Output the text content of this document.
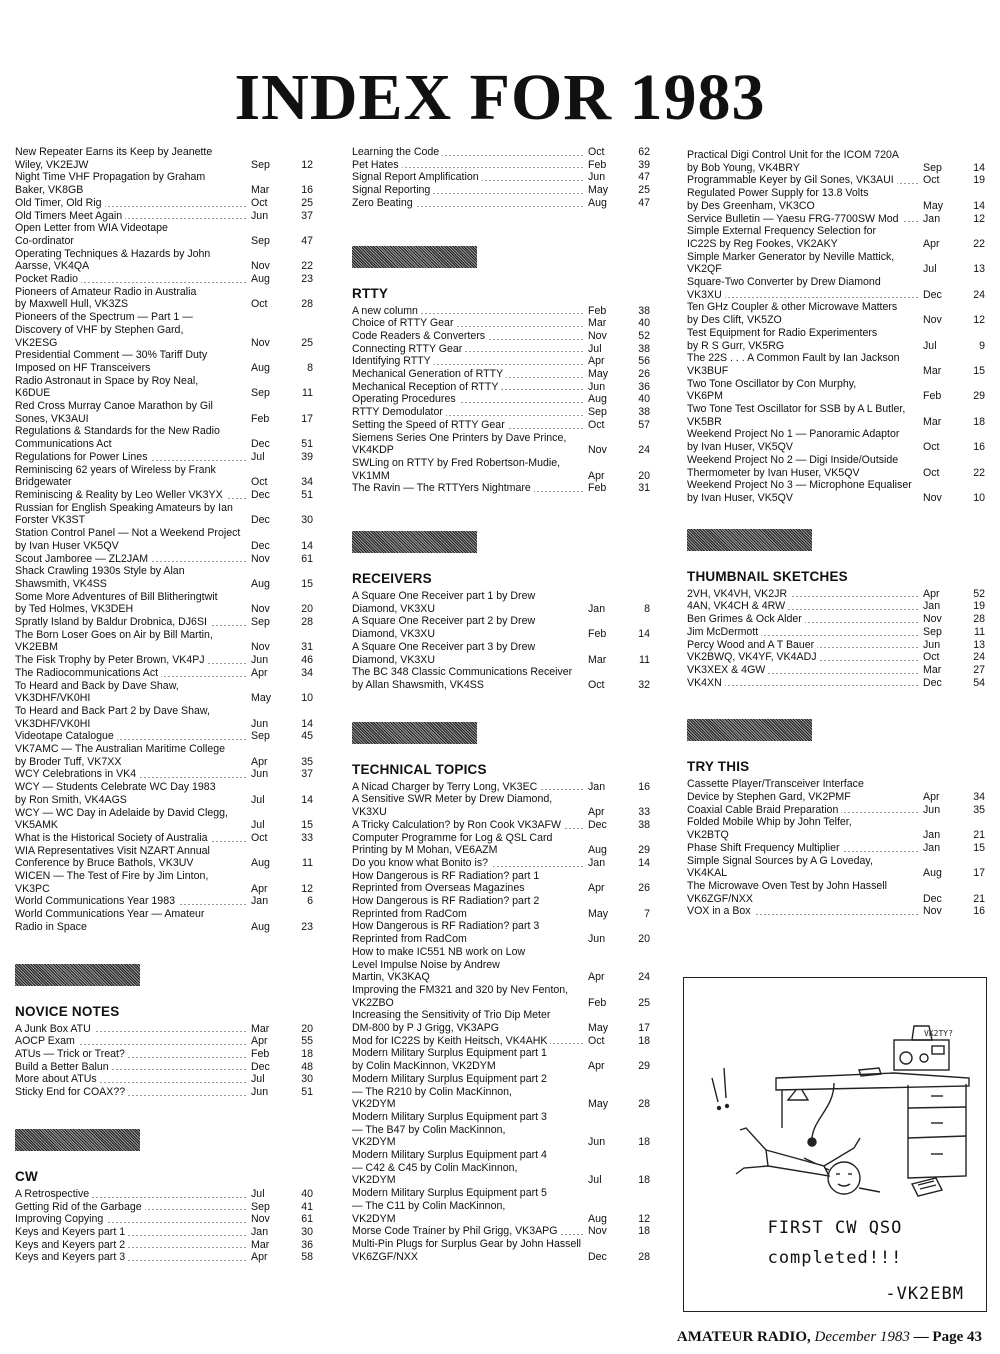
INDEX FOR 1983
New Repeater Earns its Keep by Jeanette
Wiley, VK2EJW	Sep	12
Night Time VHF Propagation by Graham
Baker, VK8GB	Mar	16
Old Timer, Old Rig	Oct	25
Old Timers Meet Again	Jun	37
Open Letter from WIA Videotape
Co-ordinator	Sep	47
Operating Techniques & Hazards by John
Aarsse, VK4QA	Nov	22
Pocket Radio	Aug	23
Pioneers of Amateur Radio in Australia
by Maxwell Hull, VK3ZS	Oct	28
Pioneers of the Spectrum — Part 1 —
Discovery of VHF by Stephen Gard,
VK2ESG	Nov	25
Presidential Comment — 30% Tariff Duty
Imposed on HF Transceivers	Aug	8
Radio Astronaut in Space by Roy Neal,
K6DUE	Sep	11
Red Cross Murray Canoe Marathon by Gil
Sones, VK3AUI	Feb	17
Regulations & Standards for the New Radio
Communications Act	Dec	51
Regulations for Power Lines	Jul	39
Reminiscing 62 years of Wireless by Frank
Bridgewater	Oct	34
Reminiscing & Reality by Leo Weller VK3YX	Dec	51
Russian for English Speaking Amateurs by Ian
Forster VK3ST	Dec	30
Station Control Panel — Not a Weekend Project
by Ivan Huser VK5QV	Dec	14
Scout Jamboree — ZL2JAM	Nov	61
Shack Crawling 1930s Style by Alan
Shawsmith, VK4SS	Aug	15
Some More Adventures of Bill Blitheringtwit
by Ted Holmes, VK3DEH	Nov	20
Spratly Island by Baldur Drobnica, DJ6SI	Sep	28
The Born Loser Goes on Air by Bill Martin,
VK2EBM	Nov	31
The Fisk Trophy by Peter Brown, VK4PJ	Jun	46
The Radiocommunications Act	Apr	34
To Heard and Back by Dave Shaw,
VK3DHF/VK0HI	May	10
To Heard and Back Part 2 by Dave Shaw,
VK3DHF/VK0HI	Jun	14
Videotape Catalogue	Sep	45
VK7AMC — The Australian Maritime College
by Broder Tuff, VK7XX	Apr	35
WCY Celebrations in VK4	Jun	37
WCY — Students Celebrate WC Day 1983
by Ron Smith, VK4AGS	Jul	14
WCY — WC Day in Adelaide by David Clegg,
VK5AMK	Jul	15
What is the Historical Society of Australia	Oct	33
WIA Representatives Visit NZART Annual
Conference by Bruce Bathols, VK3UV	Aug	11
WICEN — The Test of Fire by Jim Linton,
VK3PC	Apr	12
World Communications Year 1983	Jan	6
World Communications Year — Amateur
Radio in Space	Aug	23
NOVICE NOTES
A Junk Box ATU	Mar	20
AOCP Exam	Apr	55
ATUs — Trick or Treat?	Feb	18
Build a Better Balun	Dec	48
More about ATUs	Jul	30
Sticky End for COAX??	Jun	51
CW
A Retrospective	Jul	40
Getting Rid of the Garbage	Sep	41
Improving Copying	Nov	61
Keys and Keyers part 1	Jan	30
Keys and Keyers part 2	Mar	36
Keys and Keyers part 3	Apr	58
Learning the Code	Oct	62
Pet Hates	Feb	39
Signal Report Amplification	Jun	47
Signal Reporting	May	25
Zero Beating	Aug	47
RTTY
A new column	Feb	38
Choice of RTTY Gear	Mar	40
Code Readers & Converters	Nov	52
Connecting RTTY Gear	Jul	38
Identifying RTTY	Apr	56
Mechanical Generation of RTTY	May	26
Mechanical Reception of RTTY	Jun	36
Operating Procedures	Aug	40
RTTY Demodulator	Sep	38
Setting the Speed of RTTY Gear	Oct	57
Siemens Series One Printers by Dave Prince,
VK4KDP	Nov	24
SWLing on RTTY by Fred Robertson-Mudie,
VK1MM	Apr	20
The Ravin — The RTTYers Nightmare	Feb	31
RECEIVERS
A Square One Receiver part 1 by Drew
Diamond, VK3XU	Jan	8
A Square One Receiver part 2 by Drew
Diamond, VK3XU	Feb	14
A Square One Receiver part 3 by Drew
Diamond, VK3XU	Mar	11
The BC 348 Classic Communications Receiver
by Allan Shawsmith, VK4SS	Oct	32
TECHNICAL TOPICS
A Nicad Charger by Terry Long, VK3EC	Jan	16
A Sensitive SWR Meter by Drew Diamond,
VK3XU	Apr	33
A Tricky Calculation? by Ron Cook VK3AFW	Dec	38
Computer Programme for Log & QSL Card
Printing by M Mohan, VE6AZM	Aug	29
Do you know what Bonito is?	Jan	14
How Dangerous is RF Radiation? part 1
Reprinted from Overseas Magazines	Apr	26
How Dangerous is RF Radiation? part 2
Reprinted from RadCom	May	7
How Dangerous is RF Radiation? part 3
Reprinted from RadCom	Jun	20
How to make IC551 NB work on Low
Level Impulse Noise by Andrew
Martin, VK3KAQ	Apr	24
Improving the FM321 and 320 by Nev Fenton,
VK2ZBO	Feb	25
Increasing the Sensitivity of Trio Dip Meter
DM-800 by P J Grigg, VK3APG	May	17
Mod for IC22S by Keith Heitsch, VK4AHK	Oct	18
Modern Military Surplus Equipment part 1
by Colin MacKinnon, VK2DYM	Apr	29
Modern Military Surplus Equipment part 2
— The R210 by Colin MacKinnon,
VK2DYM	May	28
Modern Military Surplus Equipment part 3
— The B47 by Colin MacKinnon,
VK2DYM	Jun	18
Modern Military Surplus Equipment part 4
— C42 & C45 by Colin MacKinnon,
VK2DYM	Jul	18
Modern Military Surplus Equipment part 5
— The C11 by Colin MacKinnon,
VK2DYM	Aug	12
Morse Code Trainer by Phil Grigg, VK3APG	Nov	18
Multi-Pin Plugs for Surplus Gear by John Hassell
VK6ZGF/NXX	Dec	28
Practical Digi Control Unit for the ICOM 720A
by Bob Young, VK4BRY	Sep	14
Programmable Keyer by Gil Sones, VK3AUI	Oct	19
Regulated Power Supply for 13.8 Volts
by Des Greenham, VK3CO	May	14
Service Bulletin — Yaesu FRG-7700SW Mod	Jan	12
Simple External Frequency Selection for
IC22S by Reg Fookes, VK2AKY	Apr	22
Simple Marker Generator by Neville Mattick,
VK2QF	Jul	13
Square-Two Converter by Drew Diamond VK3XU	Dec	24
Ten GHz Coupler & other Microwave Matters
by Des Clift, VK5ZO	Nov	12
Test Equipment for Radio Experimenters
by R S Gurr, VK5RG	Jul	9
The 22S . . . A Common Fault by Ian Jackson
VK3BUF	Mar	15
Two Tone Oscillator by Con Murphy,
VK6PM	Feb	29
Two Tone Test Oscillator for SSB by A L Butler,
VK5BR	Mar	18
Weekend Project No 1 — Panoramic Adaptor
by Ivan Huser, VK5QV	Oct	16
Weekend Project No 2 — Digi Inside/Outside
Thermometer by Ivan Huser, VK5QV	Oct	22
Weekend Project No 3 — Microphone Equaliser
by Ivan Huser, VK5QV	Nov	10
THUMBNAIL SKETCHES
2VH, VK4VH, VK2JR	Apr	52
4AN, VK4CH & 4RW	Jan	19
Ben Grimes & Ock Alder	Nov	28
Jim McDermott	Sep	11
Percy Wood and A T Bauer	Jun	13
VK2BWQ, VK4YF, VK4ADJ	Oct	24
VK3XEX & 4GW	Mar	27
VK4XN	Dec	54
TRY THIS
Cassette Player/Transceiver Interface
Device by Stephen Gard, VK2PMF	Apr	34
Coaxial Cable Braid Preparation	Jun	35
Folded Mobile Whip by John Telfer,
VK2BTQ	Jan	21
Phase Shift Frequency Multiplier	Jan	15
Simple Signal Sources by A G Loveday,
VK4KAL	Aug	17
The Microwave Oven Test by John Hassell
VK6ZGF/NXX	Dec	21
VOX in a Box	Nov	16
VK2TY?
FIRST CW QSO
completed!!!
-VK2EBM
AMATEUR RADIO, December 1983 — Page 43
